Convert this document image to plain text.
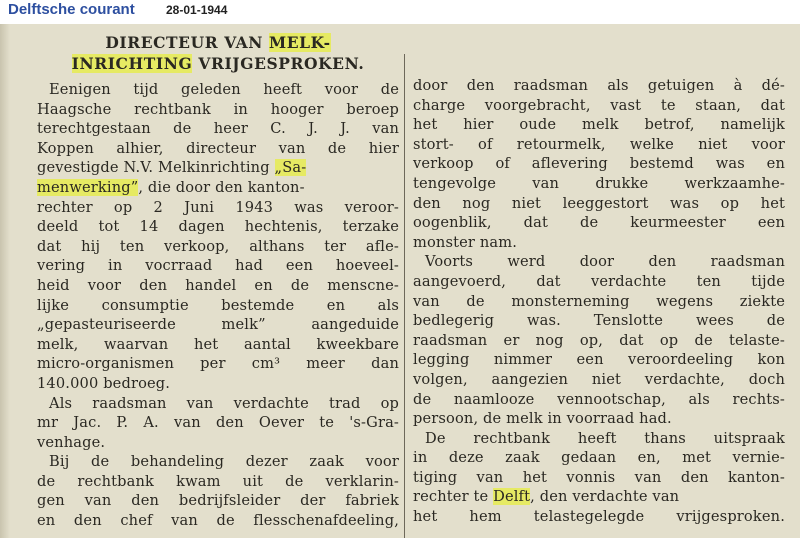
Delftsche courant	28-01-1944
DIRECTEUR VAN MELK-
INRICHTING VRIJGESPROKEN.
Eenigen tijd geleden heeft voor de
Haagsche rechtbank in hooger beroep
terechtgestaan de heer C. J. J. van
Koppen alhier, directeur van de hier
gevestigde N.V. Melkinrichting „Sa-
menwerking”, die door den kanton-
rechter op 2 Juni 1943 was veroor-
deeld tot 14 dagen hechtenis, terzake
dat hij ten verkoop, althans ter afle-
vering in vocrraad had een hoeveel-
heid voor den handel en de menscne-
lijke consumptie bestemde en als
„gepasteuriseerde melk” aangeduide
melk, waarvan het aantal kweekbare
micro-organismen per cm³ meer dan
140.000 bedroeg.
Als raadsman van verdachte trad op
mr Jac. P. A. van den Oever te 's-Gra-
venhage.
Bij de behandeling dezer zaak voor
de rechtbank kwam uit de verklarin-
gen van den bedrijfsleider der fabriek
en den chef van de flesschenafdeeling,
door den raadsman als getuigen à dé-
charge voorgebracht, vast te staan, dat
het hier oude melk betrof, namelijk
stort- of retourmelk, welke niet voor
verkoop of aflevering bestemd was en
tengevolge van drukke werkzaamhe-
den nog niet leeggestort was op het
oogenblik, dat de keurmeester een
monster nam.
Voorts werd door den raadsman
aangevoerd, dat verdachte ten tijde
van de monsterneming wegens ziekte
bedlegerig was. Tenslotte wees de
raadsman er nog op, dat op de telaste-
legging nimmer een veroordeeling kon
volgen, aangezien niet verdachte, doch
de naamlooze vennootschap, als rechts-
persoon, de melk in voorraad had.
De rechtbank heeft thans uitspraak
in deze zaak gedaan en, met vernie-
tiging van het vonnis van den kanton-
rechter te Delft, den verdachte van
het hem telastegelegde vrijgesproken.
